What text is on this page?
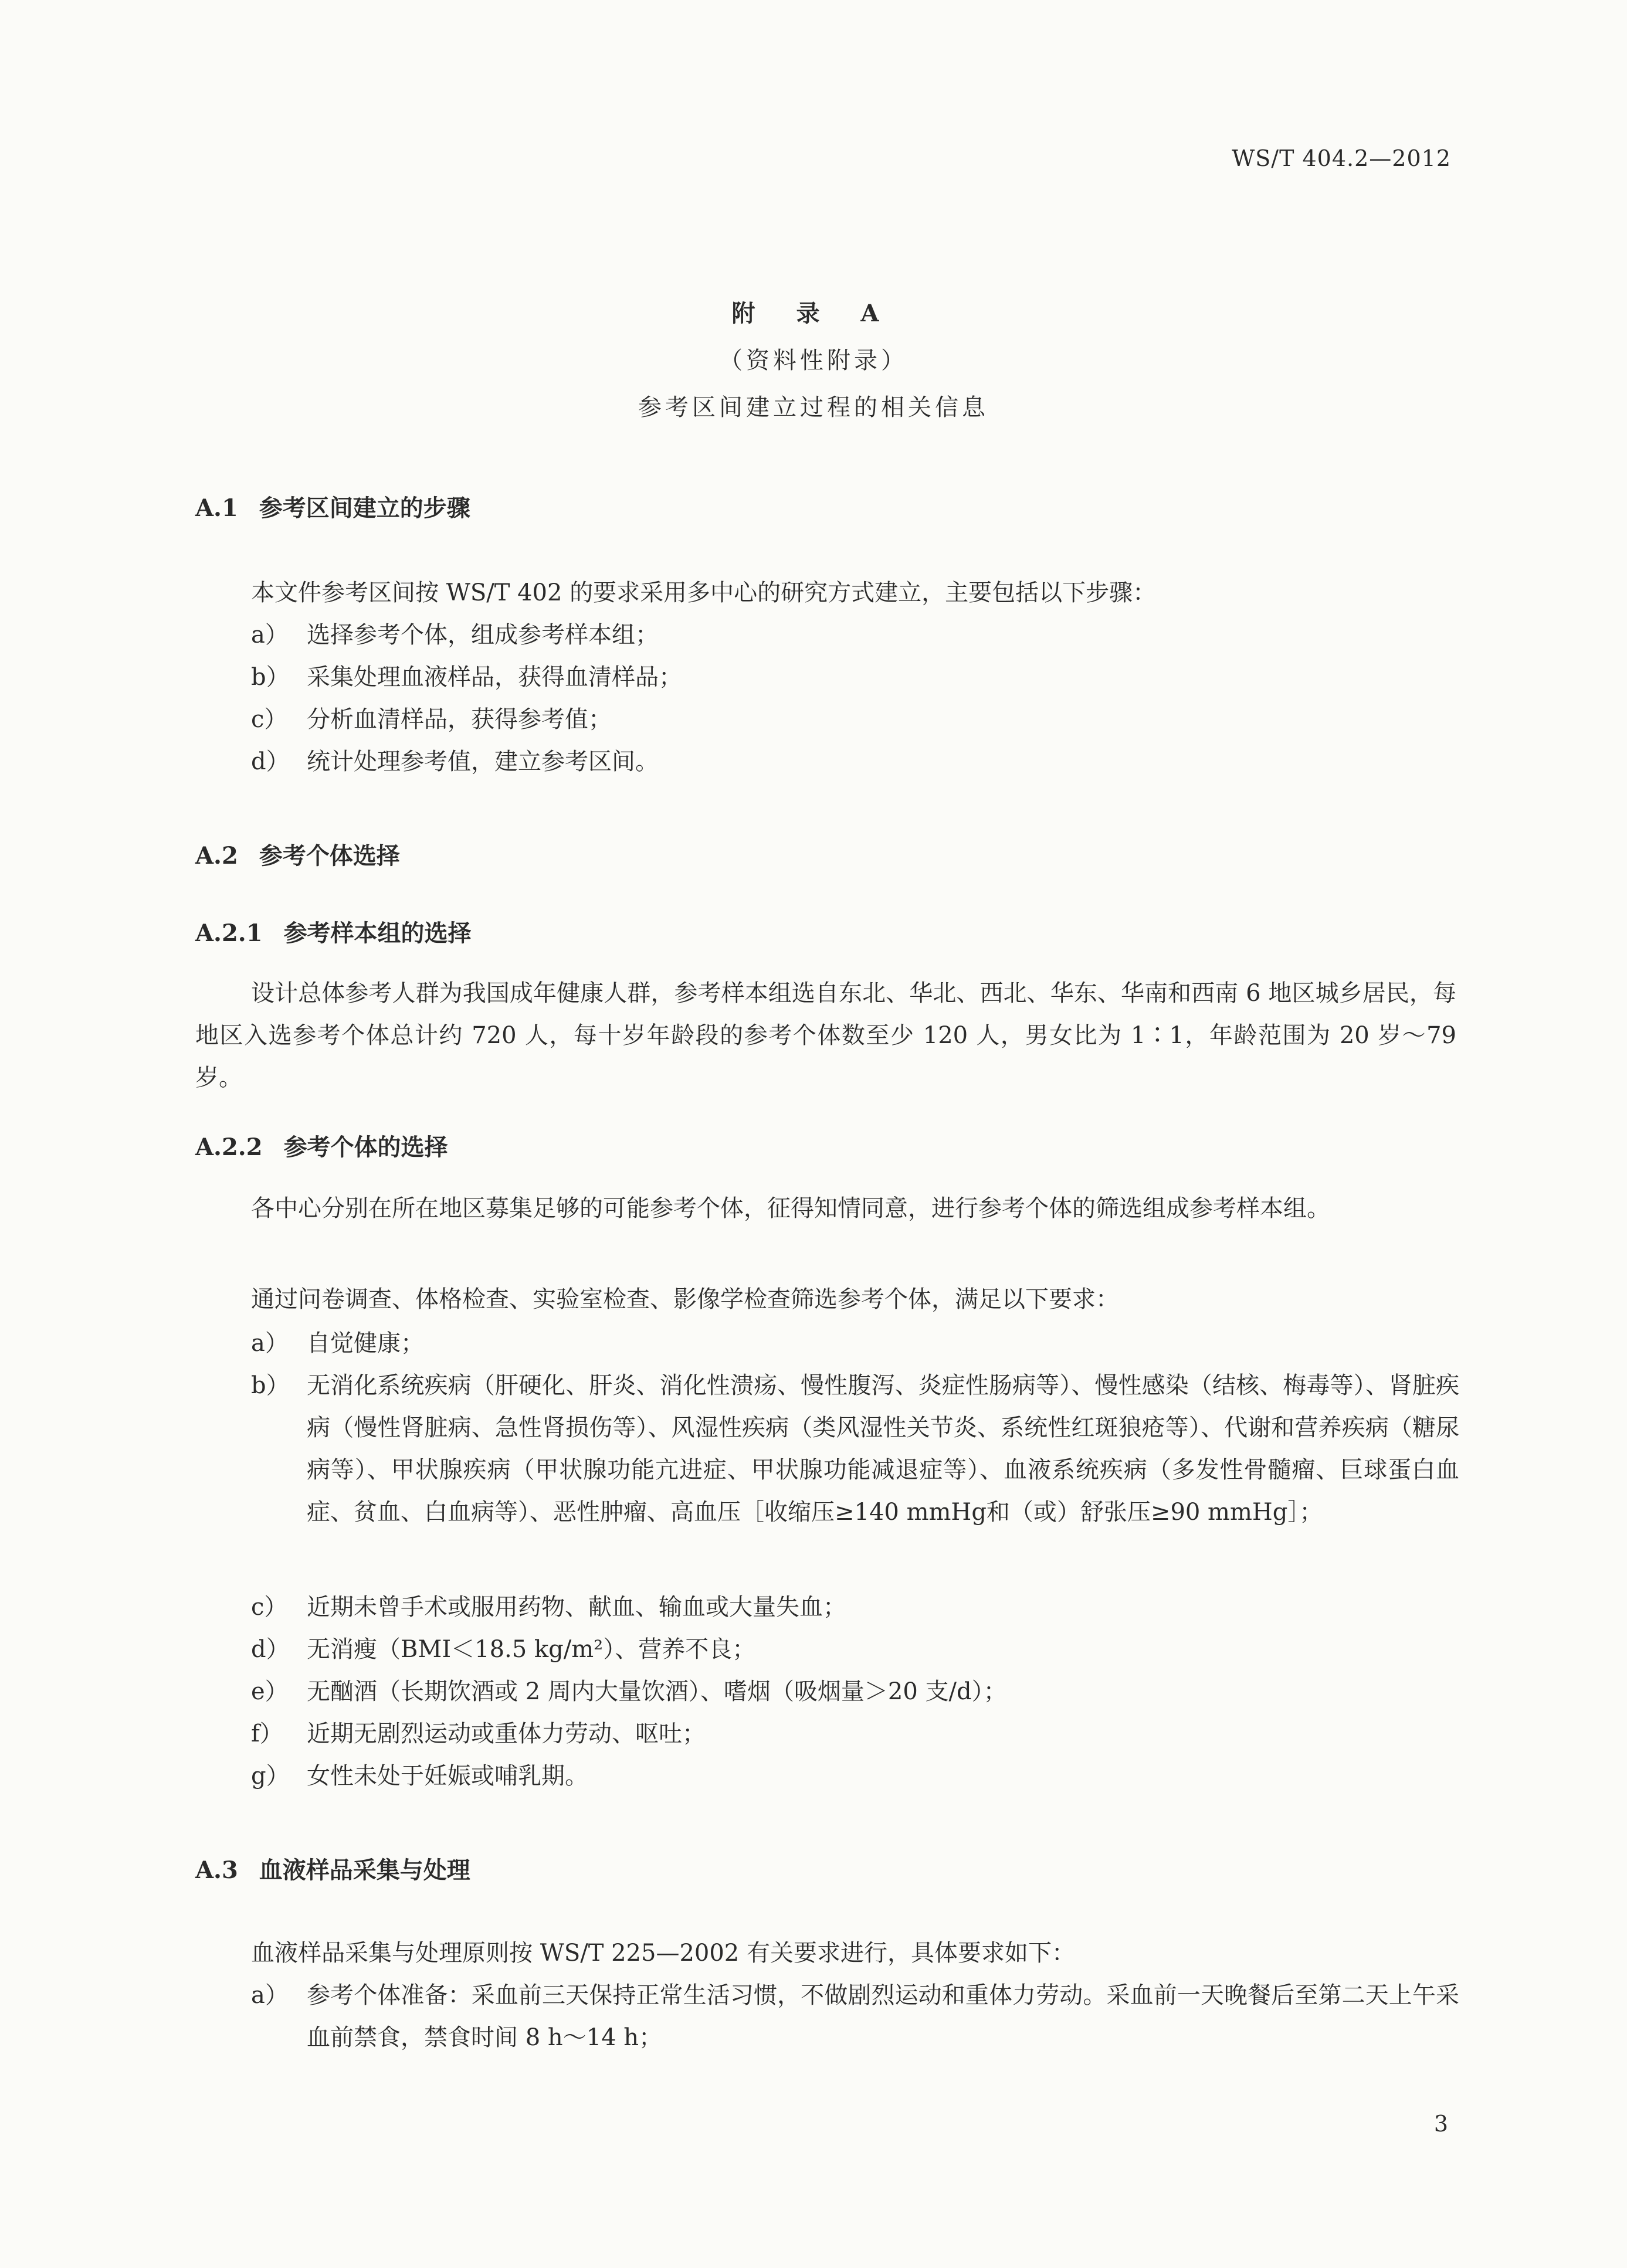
WS/T 404.2—2012
附 录 A
（资料性附录）
参考区间建立过程的相关信息
A.1 参考区间建立的步骤
本文件参考区间按 WS/T 402 的要求采用多中心的研究方式建立，主要包括以下步骤：
a） 选择参考个体，组成参考样本组；
b） 采集处理血液样品，获得血清样品；
c） 分析血清样品，获得参考值；
d） 统计处理参考值，建立参考区间。
A.2 参考个体选择
A.2.1 参考样本组的选择
设计总体参考人群为我国成年健康人群，参考样本组选自东北、华北、西北、华东、华南和西南 6 地区城乡居民，每地区入选参考个体总计约 720 人，每十岁年龄段的参考个体数至少 120 人，男女比为 1∶1，年龄范围为 20 岁～79 岁。
A.2.2 参考个体的选择
各中心分别在所在地区募集足够的可能参考个体，征得知情同意，进行参考个体的筛选组成参考样本组。
通过问卷调查、体格检查、实验室检查、影像学检查筛选参考个体，满足以下要求：
a） 自觉健康；
b） 无消化系统疾病（肝硬化、肝炎、消化性溃疡、慢性腹泻、炎症性肠病等）、慢性感染（结核、梅毒等）、肾脏疾病（慢性肾脏病、急性肾损伤等）、风湿性疾病（类风湿性关节炎、系统性红斑狼疮等）、代谢和营养疾病（糖尿病等）、甲状腺疾病（甲状腺功能亢进症、甲状腺功能减退症等）、血液系统疾病（多发性骨髓瘤、巨球蛋白血症、贫血、白血病等）、恶性肿瘤、高血压［收缩压≥140 mmHg和（或）舒张压≥90 mmHg］；
c） 近期未曾手术或服用药物、献血、输血或大量失血；
d） 无消瘦（BMI＜18.5 kg/m²）、营养不良；
e） 无酗酒（长期饮酒或 2 周内大量饮酒）、嗜烟（吸烟量＞20 支/d）；
f） 近期无剧烈运动或重体力劳动、呕吐；
g） 女性未处于妊娠或哺乳期。
A.3 血液样品采集与处理
血液样品采集与处理原则按 WS/T 225—2002 有关要求进行，具体要求如下：
a） 参考个体准备：采血前三天保持正常生活习惯，不做剧烈运动和重体力劳动。采血前一天晚餐后至第二天上午采血前禁食，禁食时间 8 h～14 h；
3
